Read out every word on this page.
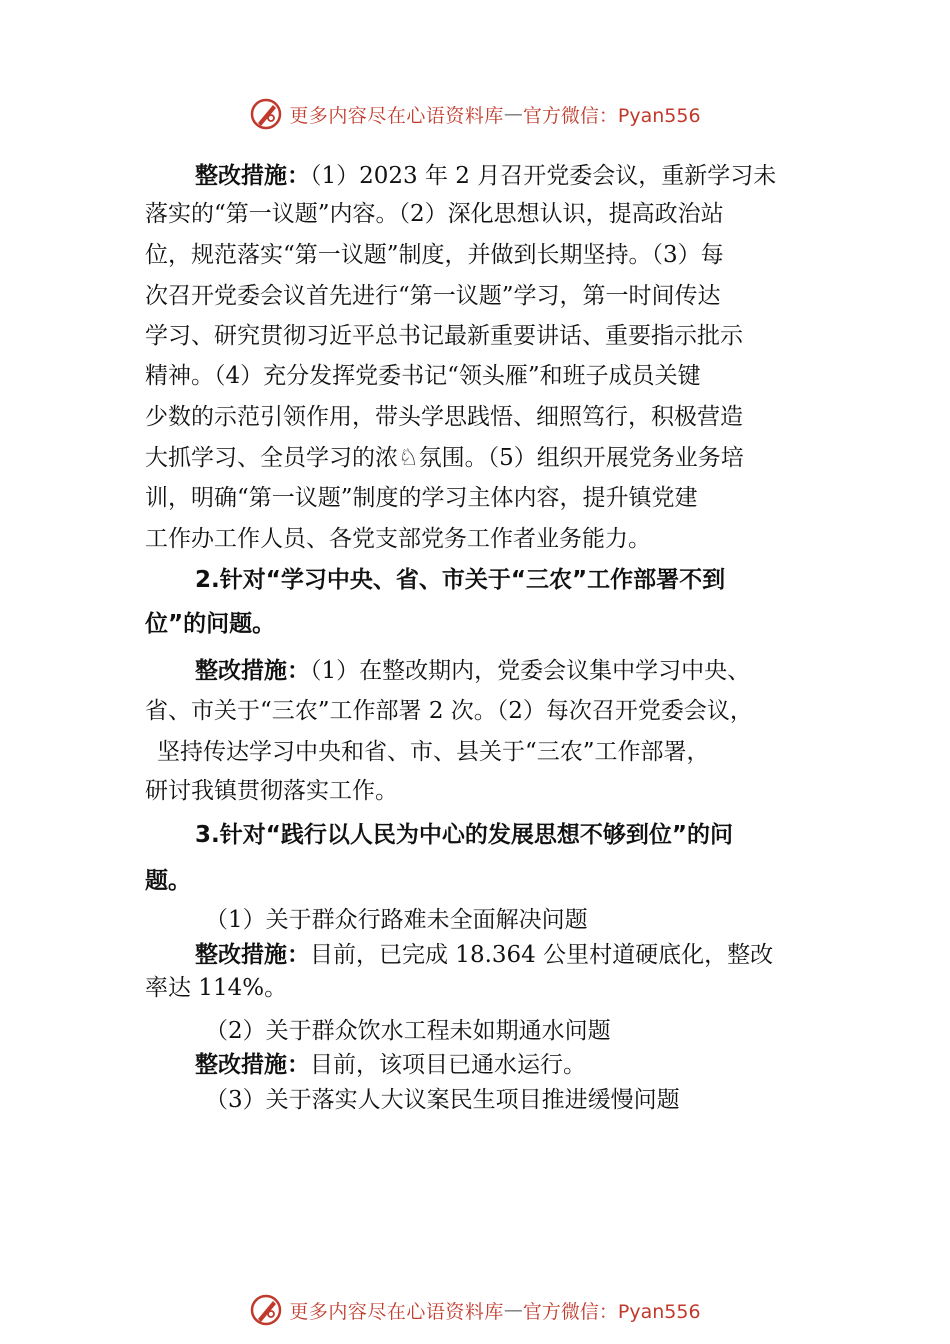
更多内容尽在心语资料库 — 官方微信：Pyan556
整改措施：（1）2023 年 2 月召开党委会议，重新学习未
落实的“第一议题”内容。（2）深化思想认识，提高政治站
位，规范落实“第一议题”制度，并做到长期坚持。（3）每
次召开党委会议首先进行“第一议题”学习，第一时间传达
学习、研究贯彻习近平总书记最新重要讲话、重要指示批示
精神。（4）充分发挥党委书记“领头雁”和班子成员关键
少数的示范引领作用，带头学思践悟、细照笃行，积极营造
大抓学习、全员学习的浓♘氛围。（5）组织开展党务业务培
训，明确“第一议题”制度的学习主体内容，提升镇党建
工作办工作人员、各党支部党务工作者业务能力。
2.针对“学习中央、省、市关于“三农”工作部署不到
位”的问题。
整改措施：（1）在整改期内，党委会议集中学习中央、
省、市关于“三农”工作部署 2 次。（2）每次召开党委会议，
坚持传达学习中央和省、市、县关于“三农”工作部署，
研讨我镇贯彻落实工作。
3.针对“践行以人民为中心的发展思想不够到位”的问
题。
（1）关于群众行路难未全面解决问题
整改措施：目前，已完成 18.364 公里村道硬底化，整改
率达 114%。
（2）关于群众饮水工程未如期通水问题
整改措施：目前，该项目已通水运行。
（3）关于落实人大议案民生项目推进缓慢问题
更多内容尽在心语资料库 — 官方微信：Pyan556
